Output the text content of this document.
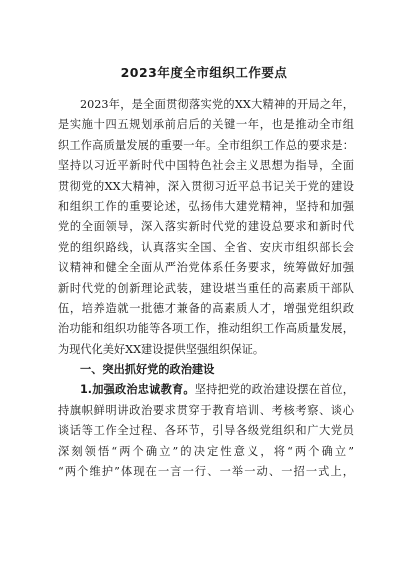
2023年度全市组织工作要点
2023年，是全面贯彻落实党的XX大精神的开局之年，
是实施十四五规划承前启后的关键一年，也是推动全市组
织工作高质量发展的重要一年。全市组织工作总的要求是：
坚持以习近平新时代中国特色社会主义思想为指导，全面
贯彻党的XX大精神，深入贯彻习近平总书记关于党的建设
和组织工作的重要论述，弘扬伟大建党精神，坚持和加强
党的全面领导，深入落实新时代党的建设总要求和新时代
党的组织路线，认真落实全国、全省、安庆市组织部长会
议精神和健全全面从严治党体系任务要求，统筹做好加强
新时代党的创新理论武装，建设堪当重任的高素质干部队
伍，培养造就一批德才兼备的高素质人才，增强党组织政
治功能和组织功能等各项工作，推动组织工作高质量发展，
为现代化美好XX建设提供坚强组织保证。
一、突出抓好党的政治建设
1.加强政治忠诚教育。坚持把党的政治建设摆在首位，
持旗帜鲜明讲政治要求贯穿于教育培训、考核考察、谈心
谈话等工作全过程、各环节，引导各级党组织和广大党员
深刻领悟“两个确立”的决定性意义，将“两个确立”
“两个维护”体现在一言一行、一举一动、一招一式上，
